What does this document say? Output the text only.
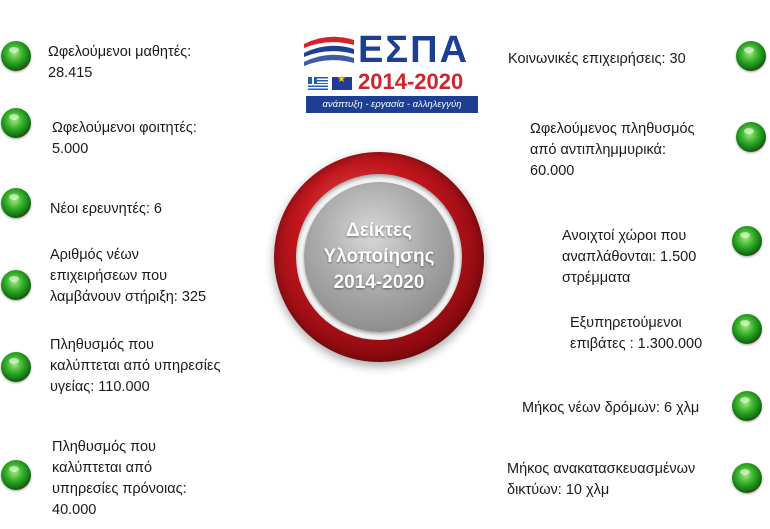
ΕΣΠΑ
2014-2020
★
ανάπτυξη - εργασία - αλληλεγγύη
Δείκτες
Υλοποίησης
2014-2020
Ωφελούμενοι μαθητές:
28.415
Ωφελούμενοι φοιτητές:
5.000
Νέοι ερευνητές: 6
Αριθμός νέων
επιχειρήσεων που
λαμβάνουν στήριξη: 325
Πληθυσμός που
καλύπτεται από υπηρεσίες
υγείας: 110.000
Πληθυσμός που
καλύπτεται από
υπηρεσίες πρόνοιας:
40.000
Κοινωνικές επιχειρήσεις: 30
Ωφελούμενος πληθυσμός
από αντιπλημμυρικά:
60.000
Ανοιχτοί χώροι που
αναπλάθονται: 1.500
στρέμματα
Εξυπηρετούμενοι
επιβάτες : 1.300.000
Μήκος νέων δρόμων: 6 χλμ
Μήκος ανακατασκευασμένων
δικτύων: 10 χλμ
